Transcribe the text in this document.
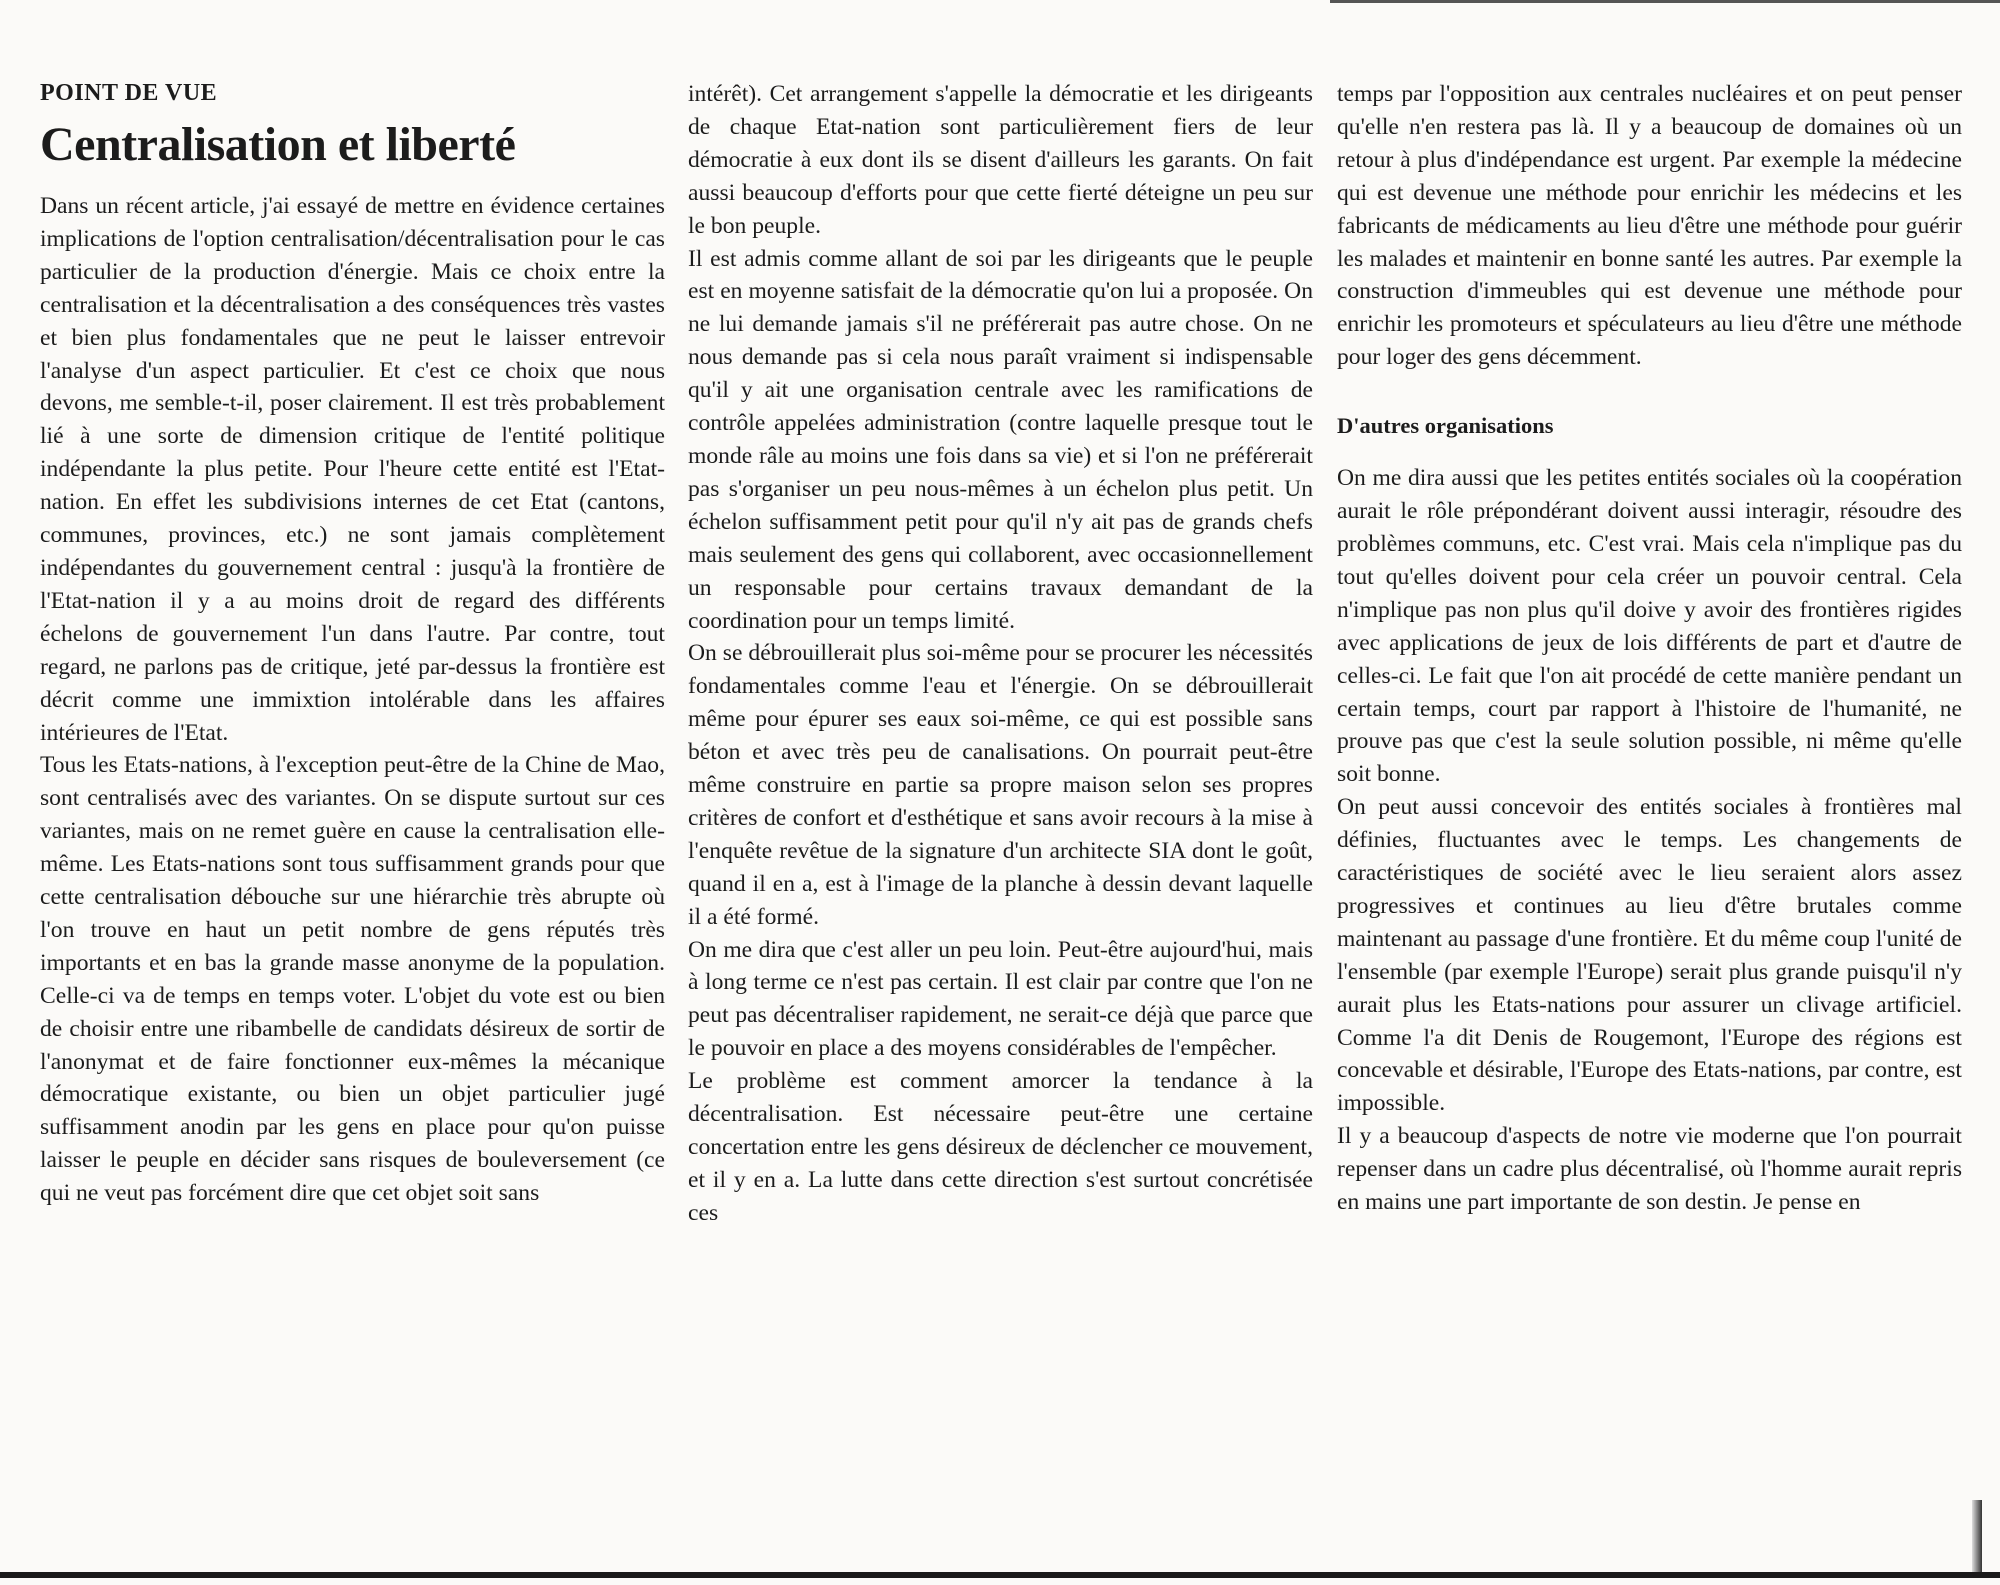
POINT DE VUE
Centralisation et liberté

Dans un récent article, j'ai essayé de mettre en évidence certaines implications de l'option centralisation/décentralisation pour le cas particulier de la production d'énergie. Mais ce choix entre la centralisation et la décentralisation a des conséquences très vastes et bien plus fondamentales que ne peut le laisser entrevoir l'analyse d'un aspect particulier. Et c'est ce choix que nous devons, me semble-t-il, poser clairement. Il est très probablement lié à une sorte de dimension critique de l'entité politique indépendante la plus petite. Pour l'heure cette entité est l'Etat-nation. En effet les subdivisions internes de cet Etat (cantons, communes, provinces, etc.) ne sont jamais complètement indépendantes du gouvernement central : jusqu'à la frontière de l'Etat-nation il y a au moins droit de regard des différents échelons de gouvernement l'un dans l'autre. Par contre, tout regard, ne parlons pas de critique, jeté par-dessus la frontière est décrit comme une immixtion intolérable dans les affaires intérieures de l'Etat.

Tous les Etats-nations, à l'exception peut-être de la Chine de Mao, sont centralisés avec des variantes. On se dispute surtout sur ces variantes, mais on ne remet guère en cause la centralisation elle-même. Les Etats-nations sont tous suffisamment grands pour que cette centralisation débouche sur une hiérarchie très abrupte où l'on trouve en haut un petit nombre de gens réputés très importants et en bas la grande masse anonyme de la population. Celle-ci va de temps en temps voter. L'objet du vote est ou bien de choisir entre une ribambelle de candidats désireux de sortir de l'anonymat et de faire fonctionner eux-mêmes la mécanique démocratique existante, ou bien un objet particulier jugé suffisamment anodin par les gens en place pour qu'on puisse laisser le peuple en décider sans risques de bouleversement (ce qui ne veut pas forcément dire que cet objet soit sans

intérêt). Cet arrangement s'appelle la démocratie et les dirigeants de chaque Etat-nation sont particulièrement fiers de leur démocratie à eux dont ils se disent d'ailleurs les garants. On fait aussi beaucoup d'efforts pour que cette fierté déteigne un peu sur le bon peuple.

Il est admis comme allant de soi par les dirigeants que le peuple est en moyenne satisfait de la démocratie qu'on lui a proposée. On ne lui demande jamais s'il ne préférerait pas autre chose. On ne nous demande pas si cela nous paraît vraiment si indispensable qu'il y ait une organisation centrale avec les ramifications de contrôle appelées administration (contre laquelle presque tout le monde râle au moins une fois dans sa vie) et si l'on ne préférerait pas s'organiser un peu nous-mêmes à un échelon plus petit. Un échelon suffisamment petit pour qu'il n'y ait pas de grands chefs mais seulement des gens qui collaborent, avec occasionnellement un responsable pour certains travaux demandant de la coordination pour un temps limité.

On se débrouillerait plus soi-même pour se procurer les nécessités fondamentales comme l'eau et l'énergie. On se débrouillerait même pour épurer ses eaux soi-même, ce qui est possible sans béton et avec très peu de canalisations. On pourrait peut-être même construire en partie sa propre maison selon ses propres critères de confort et d'esthétique et sans avoir recours à la mise à l'enquête revêtue de la signature d'un architecte SIA dont le goût, quand il en a, est à l'image de la planche à dessin devant laquelle il a été formé.

On me dira que c'est aller un peu loin. Peut-être aujourd'hui, mais à long terme ce n'est pas certain. Il est clair par contre que l'on ne peut pas décentraliser rapidement, ne serait-ce déjà que parce que le pouvoir en place a des moyens considérables de l'empêcher.

Le problème est comment amorcer la tendance à la décentralisation. Est nécessaire peut-être une certaine concertation entre les gens désireux de déclencher ce mouvement, et il y en a. La lutte dans cette direction s'est surtout concrétisée ces

temps par l'opposition aux centrales nucléaires et on peut penser qu'elle n'en restera pas là. Il y a beaucoup de domaines où un retour à plus d'indépendance est urgent. Par exemple la médecine qui est devenue une méthode pour enrichir les médecins et les fabricants de médicaments au lieu d'être une méthode pour guérir les malades et maintenir en bonne santé les autres. Par exemple la construction d'immeubles qui est devenue une méthode pour enrichir les promoteurs et spéculateurs au lieu d'être une méthode pour loger des gens décemment.

D'autres organisations

On me dira aussi que les petites entités sociales où la coopération aurait le rôle prépondérant doivent aussi interagir, résoudre des problèmes communs, etc. C'est vrai. Mais cela n'implique pas du tout qu'elles doivent pour cela créer un pouvoir central. Cela n'implique pas non plus qu'il doive y avoir des frontières rigides avec applications de jeux de lois différents de part et d'autre de celles-ci. Le fait que l'on ait procédé de cette manière pendant un certain temps, court par rapport à l'histoire de l'humanité, ne prouve pas que c'est la seule solution possible, ni même qu'elle soit bonne.

On peut aussi concevoir des entités sociales à frontières mal définies, fluctuantes avec le temps. Les changements de caractéristiques de société avec le lieu seraient alors assez progressives et continues au lieu d'être brutales comme maintenant au passage d'une frontière. Et du même coup l'unité de l'ensemble (par exemple l'Europe) serait plus grande puisqu'il n'y aurait plus les Etats-nations pour assurer un clivage artificiel. Comme l'a dit Denis de Rougemont, l'Europe des régions est concevable et désirable, l'Europe des Etats-nations, par contre, est impossible.

Il y a beaucoup d'aspects de notre vie moderne que l'on pourrait repenser dans un cadre plus décentralisé, où l'homme aurait repris en mains une part importante de son destin. Je pense en
